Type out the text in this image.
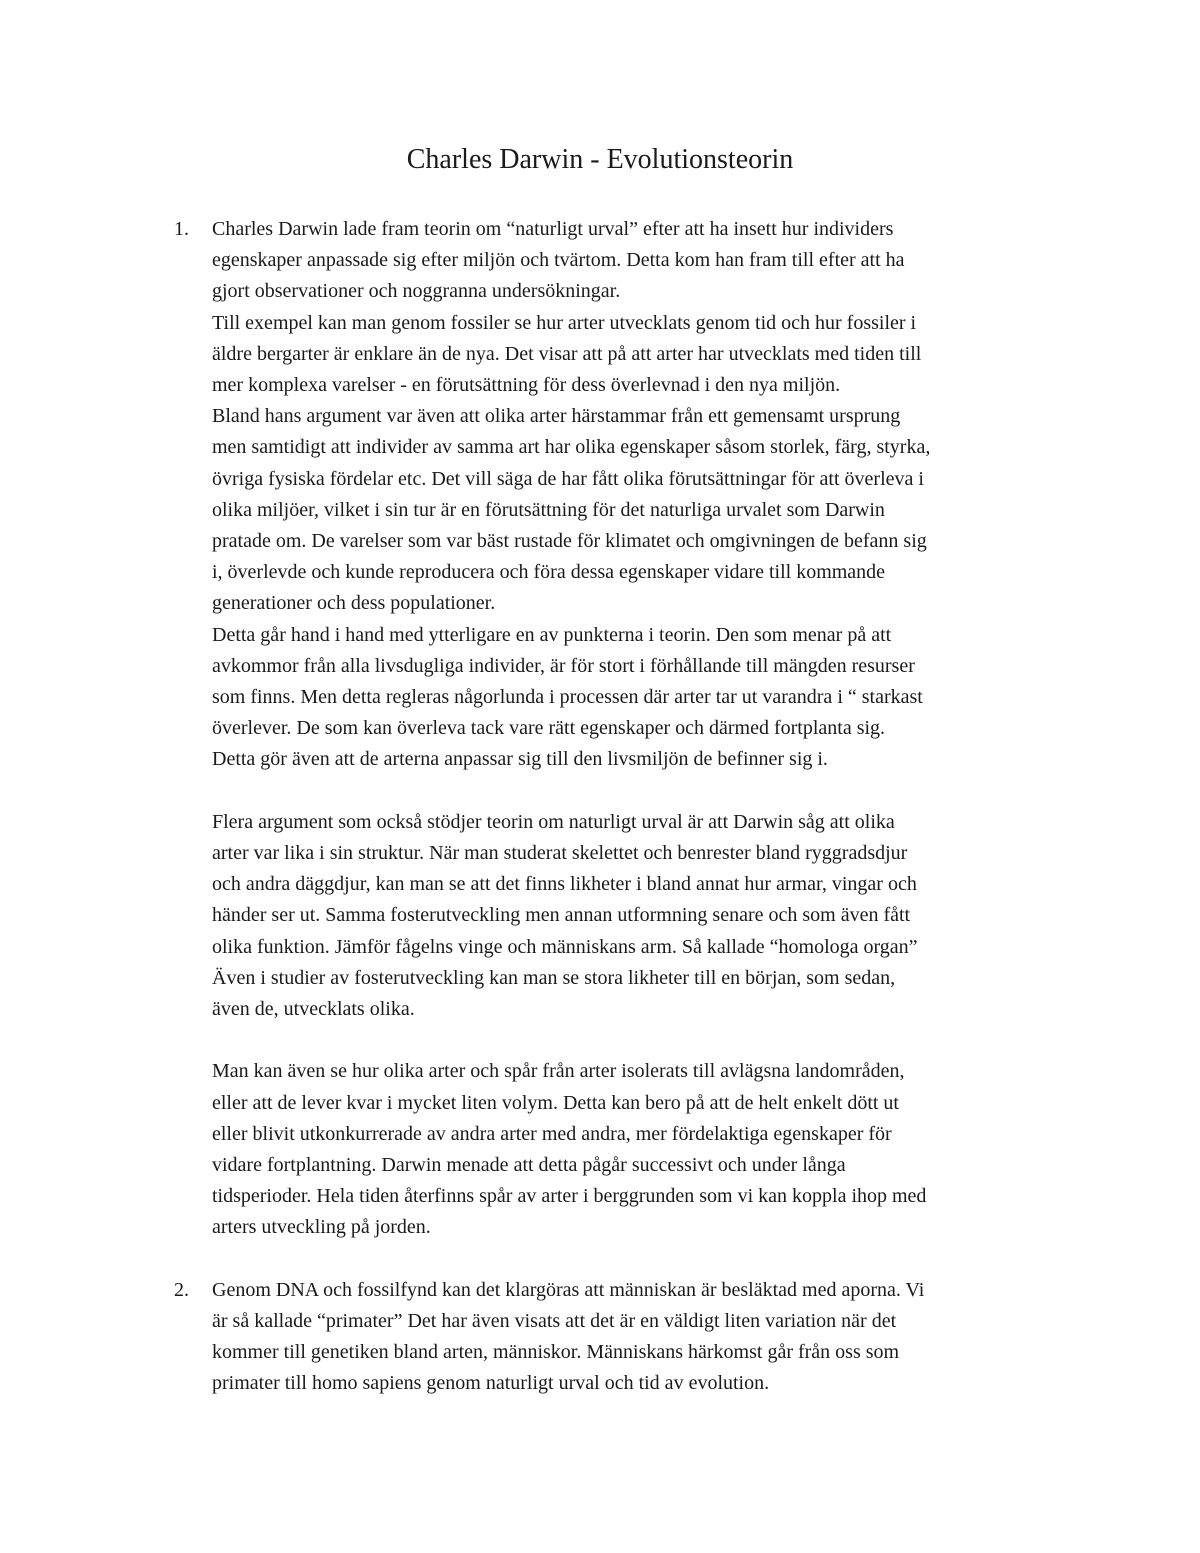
Charles Darwin - Evolutionsteorin
1. Charles Darwin lade fram teorin om “naturligt urval” efter att ha insett hur individers
egenskaper anpassade sig efter miljön och tvärtom. Detta kom han fram till efter att ha
gjort observationer och noggranna undersökningar.

Till exempel kan man genom fossiler se hur arter utvecklats genom tid och hur fossiler i
äldre bergarter är enklare än de nya. Det visar att på att arter har utvecklats med tiden till
mer komplexa varelser - en förutsättning för dess överlevnad i den nya miljön.

Bland hans argument var även att olika arter härstammar från ett gemensamt ursprung
men samtidigt att individer av samma art har olika egenskaper såsom storlek, färg, styrka,
övriga fysiska fördelar etc. Det vill säga de har fått olika förutsättningar för att överleva i
olika miljöer, vilket i sin tur är en förutsättning för det naturliga urvalet som Darwin
pratade om. De varelser som var bäst rustade för klimatet och omgivningen de befann sig
i, överlevde och kunde reproducera och föra dessa egenskaper vidare till kommande
generationer och dess populationer.

Detta går hand i hand med ytterligare en av punkterna i teorin. Den som menar på att
avkommor från alla livsdugliga individer, är för stort i förhållande till mängden resurser
som finns. Men detta regleras någorlunda i processen där arter tar ut varandra i “ starkast
överlever. De som kan överleva tack vare rätt egenskaper och därmed fortplanta sig.
Detta gör även att de arterna anpassar sig till den livsmiljön de befinner sig i.

Flera argument som också stödjer teorin om naturligt urval är att Darwin såg att olika
arter var lika i sin struktur. När man studerat skelettet och benrester bland ryggradsdjur
och andra däggdjur, kan man se att det finns likheter i bland annat hur armar, vingar och
händer ser ut. Samma fosterutveckling men annan utformning senare och som även fått
olika funktion. Jämför fågelns vinge och människans arm. Så kallade “homologa organ”
Även i studier av fosterutveckling kan man se stora likheter till en början, som sedan,
även de, utvecklats olika.

Man kan även se hur olika arter och spår från arter isolerats till avlägsna landområden,
eller att de lever kvar i mycket liten volym. Detta kan bero på att de helt enkelt dött ut
eller blivit utkonkurrerade av andra arter med andra, mer fördelaktiga egenskaper för
vidare fortplantning. Darwin menade att detta pågår successivt och under långa
tidsperioder. Hela tiden återfinns spår av arter i berggrunden som vi kan koppla ihop med
arters utveckling på jorden.

2. Genom DNA och fossilfynd kan det klargöras att människan är besläktad med aporna. Vi
är så kallade “primater” Det har även visats att det är en väldigt liten variation när det
kommer till genetiken bland arten, människor. Människans härkomst går från oss som
primater till homo sapiens genom naturligt urval och tid av evolution.
